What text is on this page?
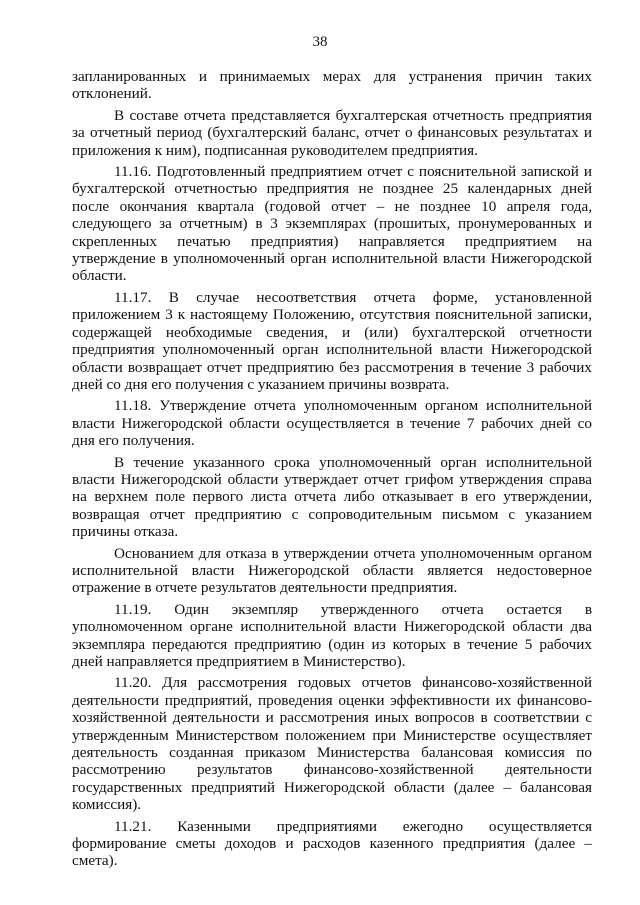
38

запланированных и принимаемых мерах для устранения причин таких отклонений.

В составе отчета представляется бухгалтерская отчетность предприятия за отчетный период (бухгалтерский баланс, отчет о финансовых результатах и приложения к ним), подписанная руководителем предприятия.

11.16. Подготовленный предприятием отчет с пояснительной запиской и бухгалтерской отчетностью предприятия не позднее 25 календарных дней после окончания квартала (годовой отчет – не позднее 10 апреля года, следующего за отчетным) в 3 экземплярах (прошитых, пронумерованных и скрепленных печатью предприятия) направляется предприятием на утверждение в уполномоченный орган исполнительной власти Нижегородской области.

11.17. В случае несоответствия отчета форме, установленной приложением 3 к настоящему Положению, отсутствия пояснительной записки, содержащей необходимые сведения, и (или) бухгалтерской отчетности предприятия уполномоченный орган исполнительной власти Нижегородской области возвращает отчет предприятию без рассмотрения в течение 3 рабочих дней со дня его получения с указанием причины возврата.

11.18. Утверждение отчета уполномоченным органом исполнительной власти Нижегородской области осуществляется в течение 7 рабочих дней со дня его получения.

В течение указанного срока уполномоченный орган исполнительной власти Нижегородской области утверждает отчет грифом утверждения справа на верхнем поле первого листа отчета либо отказывает в его утверждении, возвращая отчет предприятию с сопроводительным письмом с указанием причины отказа.

Основанием для отказа в утверждении отчета уполномоченным органом исполнительной власти Нижегородской области является недостоверное отражение в отчете результатов деятельности предприятия.

11.19. Один экземпляр утвержденного отчета остается в уполномоченном органе исполнительной власти Нижегородской области два экземпляра передаются предприятию (один из которых в течение 5 рабочих дней направляется предприятием в Министерство).

11.20. Для рассмотрения годовых отчетов финансово-хозяйственной деятельности предприятий, проведения оценки эффективности их финансово-хозяйственной деятельности и рассмотрения иных вопросов в соответствии с утвержденным Министерством положением при Министерстве осуществляет деятельность созданная приказом Министерства балансовая комиссия по рассмотрению результатов финансово-хозяйственной деятельности государственных предприятий Нижегородской области (далее – балансовая комиссия).

11.21. Казенными предприятиями ежегодно осуществляется формирование сметы доходов и расходов казенного предприятия (далее – смета).
